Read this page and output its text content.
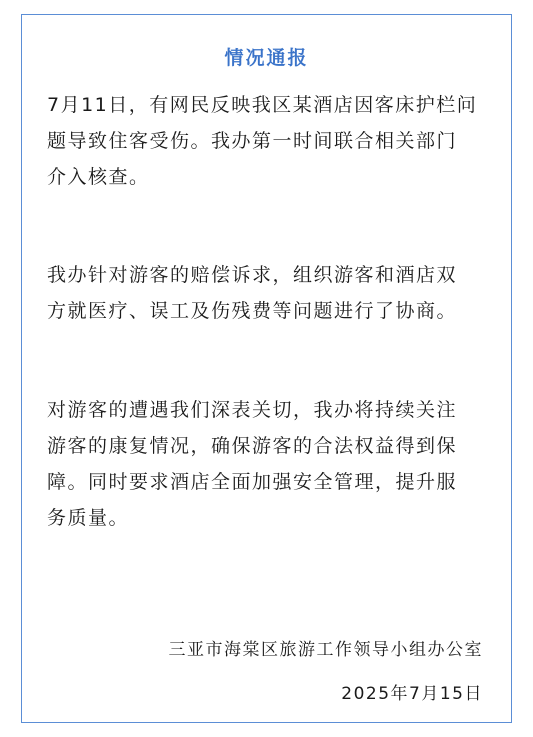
情况通报

7月11日，有网民反映我区某酒店因客床护栏问
题导致住客受伤。我办第一时间联合相关部门
介入核查。

我办针对游客的赔偿诉求，组织游客和酒店双
方就医疗、误工及伤残费等问题进行了协商。

对游客的遭遇我们深表关切，我办将持续关注
游客的康复情况，确保游客的合法权益得到保
障。同时要求酒店全面加强安全管理，提升服
务质量。

三亚市海棠区旅游工作领导小组办公室
2025年7月15日
